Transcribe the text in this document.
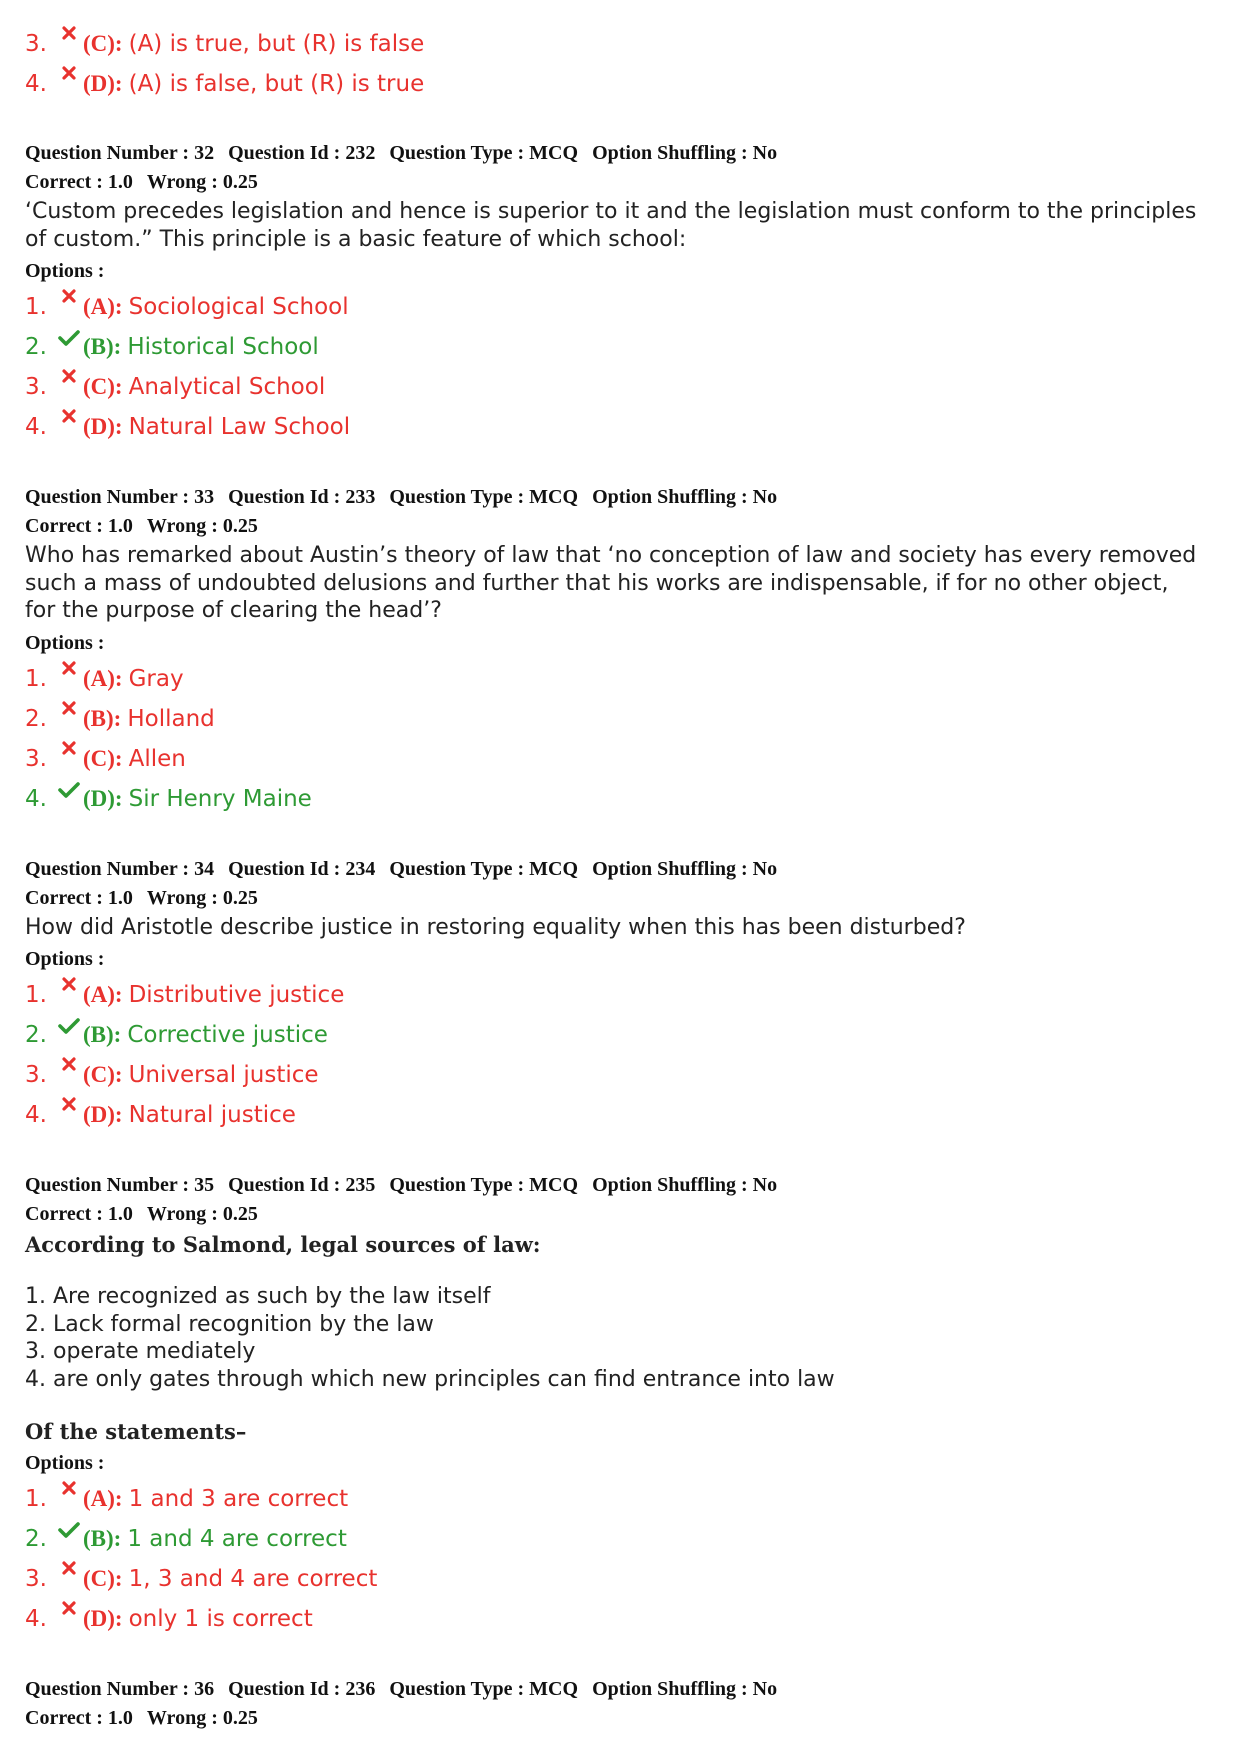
3.	(C): (A) is true, but (R) is false
4.	(D): (A) is false, but (R) is true
Question Number : 32 Question Id : 232 Question Type : MCQ Option Shuffling : No
Correct : 1.0 Wrong : 0.25
‘Custom precedes legislation and hence is superior to it and the legislation must conform to the principles of custom.” This principle is a basic feature of which school:
Options :
1.	(A): Sociological School
2.	(B): Historical School
3.	(C): Analytical School
4.	(D): Natural Law School
Question Number : 33 Question Id : 233 Question Type : MCQ Option Shuffling : No
Correct : 1.0 Wrong : 0.25
Who has remarked about Austin’s theory of law that ‘no conception of law and society has every removed such a mass of undoubted delusions and further that his works are indispensable, if for no other object, for the purpose of clearing the head’?
Options :
1.	(A): Gray
2.	(B): Holland
3.	(C): Allen
4.	(D): Sir Henry Maine
Question Number : 34 Question Id : 234 Question Type : MCQ Option Shuffling : No
Correct : 1.0 Wrong : 0.25
How did Aristotle describe justice in restoring equality when this has been disturbed?
Options :
1.	(A): Distributive justice
2.	(B): Corrective justice
3.	(C): Universal justice
4.	(D): Natural justice
Question Number : 35 Question Id : 235 Question Type : MCQ Option Shuffling : No
Correct : 1.0 Wrong : 0.25
According to Salmond, legal sources of law:
1. Are recognized as such by the law itself
2. Lack formal recognition by the law
3. operate mediately
4. are only gates through which new principles can find entrance into law
Of the statements–
Options :
1.	(A): 1 and 3 are correct
2.	(B): 1 and 4 are correct
3.	(C): 1, 3 and 4 are correct
4.	(D): only 1 is correct
Question Number : 36 Question Id : 236 Question Type : MCQ Option Shuffling : No
Correct : 1.0 Wrong : 0.25
